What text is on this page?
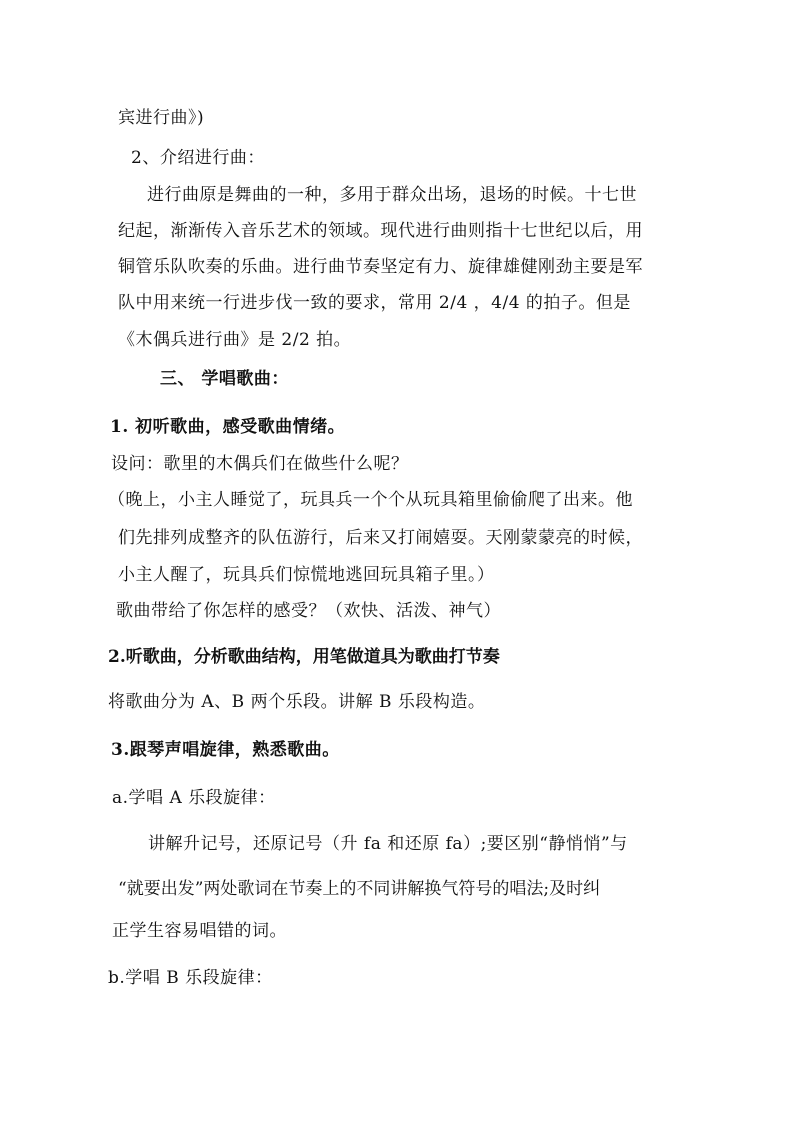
宾进行曲》)
2、介绍进行曲：
进行曲原是舞曲的一种，多用于群众出场，退场的时候。十七世
纪起，渐渐传入音乐艺术的领域。现代进行曲则指十七世纪以后，用
铜管乐队吹奏的乐曲。进行曲节奏坚定有力、旋律雄健刚劲主要是军
队中用来统一行进步伐一致的要求，常用 2/4 ，4/4 的拍子。但是
《木偶兵进行曲》是 2/2 拍。
三、 学唱歌曲：
1. 初听歌曲，感受歌曲情绪。
设问：歌里的木偶兵们在做些什么呢？
（晚上，小主人睡觉了，玩具兵一个个从玩具箱里偷偷爬了出来。他
们先排列成整齐的队伍游行，后来又打闹嬉耍。天刚蒙蒙亮的时候，
小主人醒了，玩具兵们惊慌地逃回玩具箱子里。）
歌曲带给了你怎样的感受？（欢快、活泼、神气）
2.听歌曲，分析歌曲结构，用笔做道具为歌曲打节奏
将歌曲分为 A、B 两个乐段。讲解 B 乐段构造。
3.跟琴声唱旋律，熟悉歌曲。
a.学唱 A 乐段旋律：
讲解升记号，还原记号（升 fa 和还原 fa）;要区别“静悄悄”与
“就要出发”两处歌词在节奏上的不同讲解换气符号的唱法;及时纠
正学生容易唱错的词。
b.学唱 B 乐段旋律：
